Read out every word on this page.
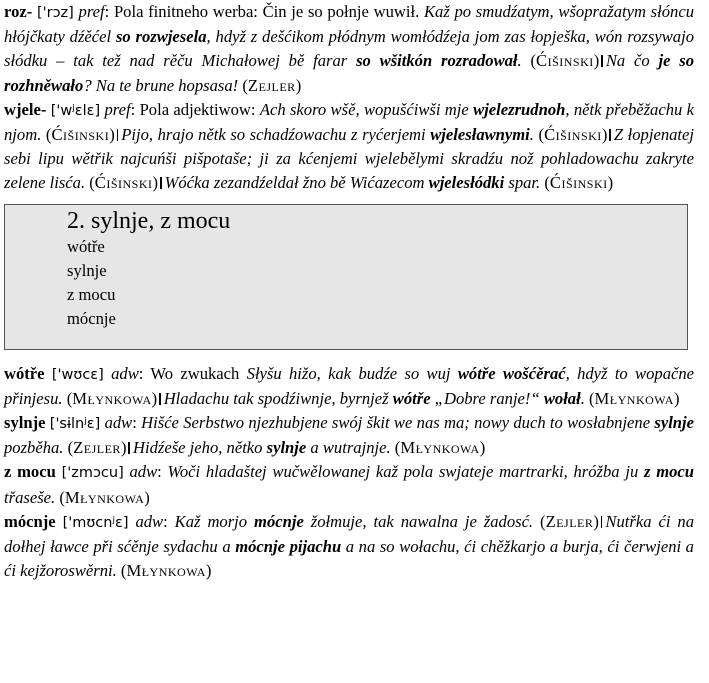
roz- ['rɔz] pref: Pola finitneho werba: Čin je so połnje wuwił. Kaž po smudźatym, wšopražatym słóncu hłójčkaty dźěćel so rozwjesela, hdyž z dešćikom płódnym womłódźeja jom zas łopješka, wón rozsywajo słódku – tak tež nad rěču Michałowej bě farar so wšitkón rozradował. (Ćišinski) Na čo je so rozhněwało? Na te brune hopsasa! (Zejler)

wjele- ['wʲɛlɛ] pref: Pola adjektiwow: Ach skoro wšě, wopušćiwši mje wjelezrudnoh, nětk přeběžachu k njom. (Ćišinski) Pijo, hrajo nětk so schadźowachu z ryćerjemi wjelesławnymi. (Ćišinski) Z łopjenatej sebi lipu wětřik najcuńši pišpotaše; ji za kćenjemi wjelebělymi skradźu nož pohladowachu zakryte zelene lisća. (Ćišinski) Wóćka zezandźeldał žno bě Wićazecom wjelesłódki spar. (Ćišinski)

2. sylnje, z mocu
wótře
sylnje
z mocu
mócnje

wótře ['wʊcɛ] adw: Wo zwukach Słyšu hižo, kak budźe so wuj wótře wošćěrać, hdyž to wopačne přinjesu. (Młynkowa) Hladachu tak spodźiwnje, byrnjež wótře „Dobre ranje!“ wołał. (Młynkowa)

sylnje ['sɨlnʲɛ] adw: Hišće Serbstwo njezhubjene swój škit we nas ma; nowy duch to wosłabnjene sylnje pozběha. (Zejler) Hidźeše jeho, nětko sylnje a wutrajnje. (Młynkowa)

z mocu ['zmɔcu] adw: Woči hladaštej wučwělowanej kaž pola swjateje martrarki, hróžba ju z mocu třaseše. (Młynkowa)

mócnje ['mʊcnʲɛ] adw: Kaž morjo mócnje žołmuje, tak nawalna je žadosć. (Zejler) Nutřka ći na dołhej ławce při sćěnje sydachu a mócnje pijachu a na so wołachu, ći chěžkarjo a burja, ći čerwjeni a ći kejžoroswěrni. (Młynkowa)
